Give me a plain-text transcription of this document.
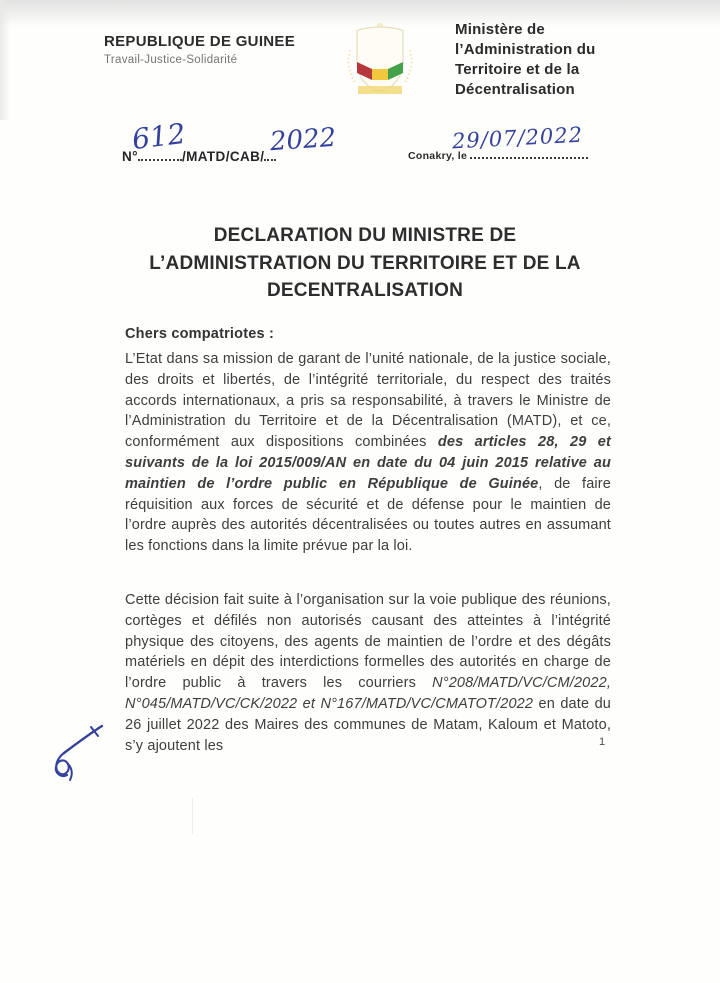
REPUBLIQUE DE GUINEE
Travail-Justice-Solidarité
····
Ministère de
l’Administration du
Territoire et de la
Décentralisation
N°	/MATD/CAB/
612	2022	Conakry, le
29/07/2022
DECLARATION DU MINISTRE DE
L’ADMINISTRATION DU TERRITOIRE ET DE LA
DECENTRALISATION
Chers compatriotes :
L’Etat dans sa mission de garant de l’unité nationale, de la justice sociale, des droits et libertés, de l’intégrité territoriale, du respect des traités accords internationaux, a pris sa responsabilité, à travers le Ministre de l’Administration du Territoire et de la Décentralisation (MATD), et ce, conformément aux dispositions combinées des articles 28, 29 et suivants de la loi 2015/009/AN en date du 04 juin 2015 relative au maintien de l’ordre public en République de Guinée, de faire réquisition aux forces de sécurité et de défense pour le maintien de l’ordre auprès des autorités décentralisées ou toutes autres en assumant les fonctions dans la limite prévue par la loi.
Cette décision fait suite à l’organisation sur la voie publique des réunions, cortèges et défilés non autorisés causant des atteintes à l’intégrité physique des citoyens, des agents de maintien de l’ordre et des dégâts matériels en dépit des interdictions formelles des autorités en charge de l’ordre public à travers les courriers N°208/MATD/VC/CM/2022, N°045/MATD/VC/CK/2022 et N°167/MATD/VC/CMATOT/2022 en date du 26 juillet 2022 des Maires des communes de Matam, Kaloum et Matoto, s’y ajoutent les	1
